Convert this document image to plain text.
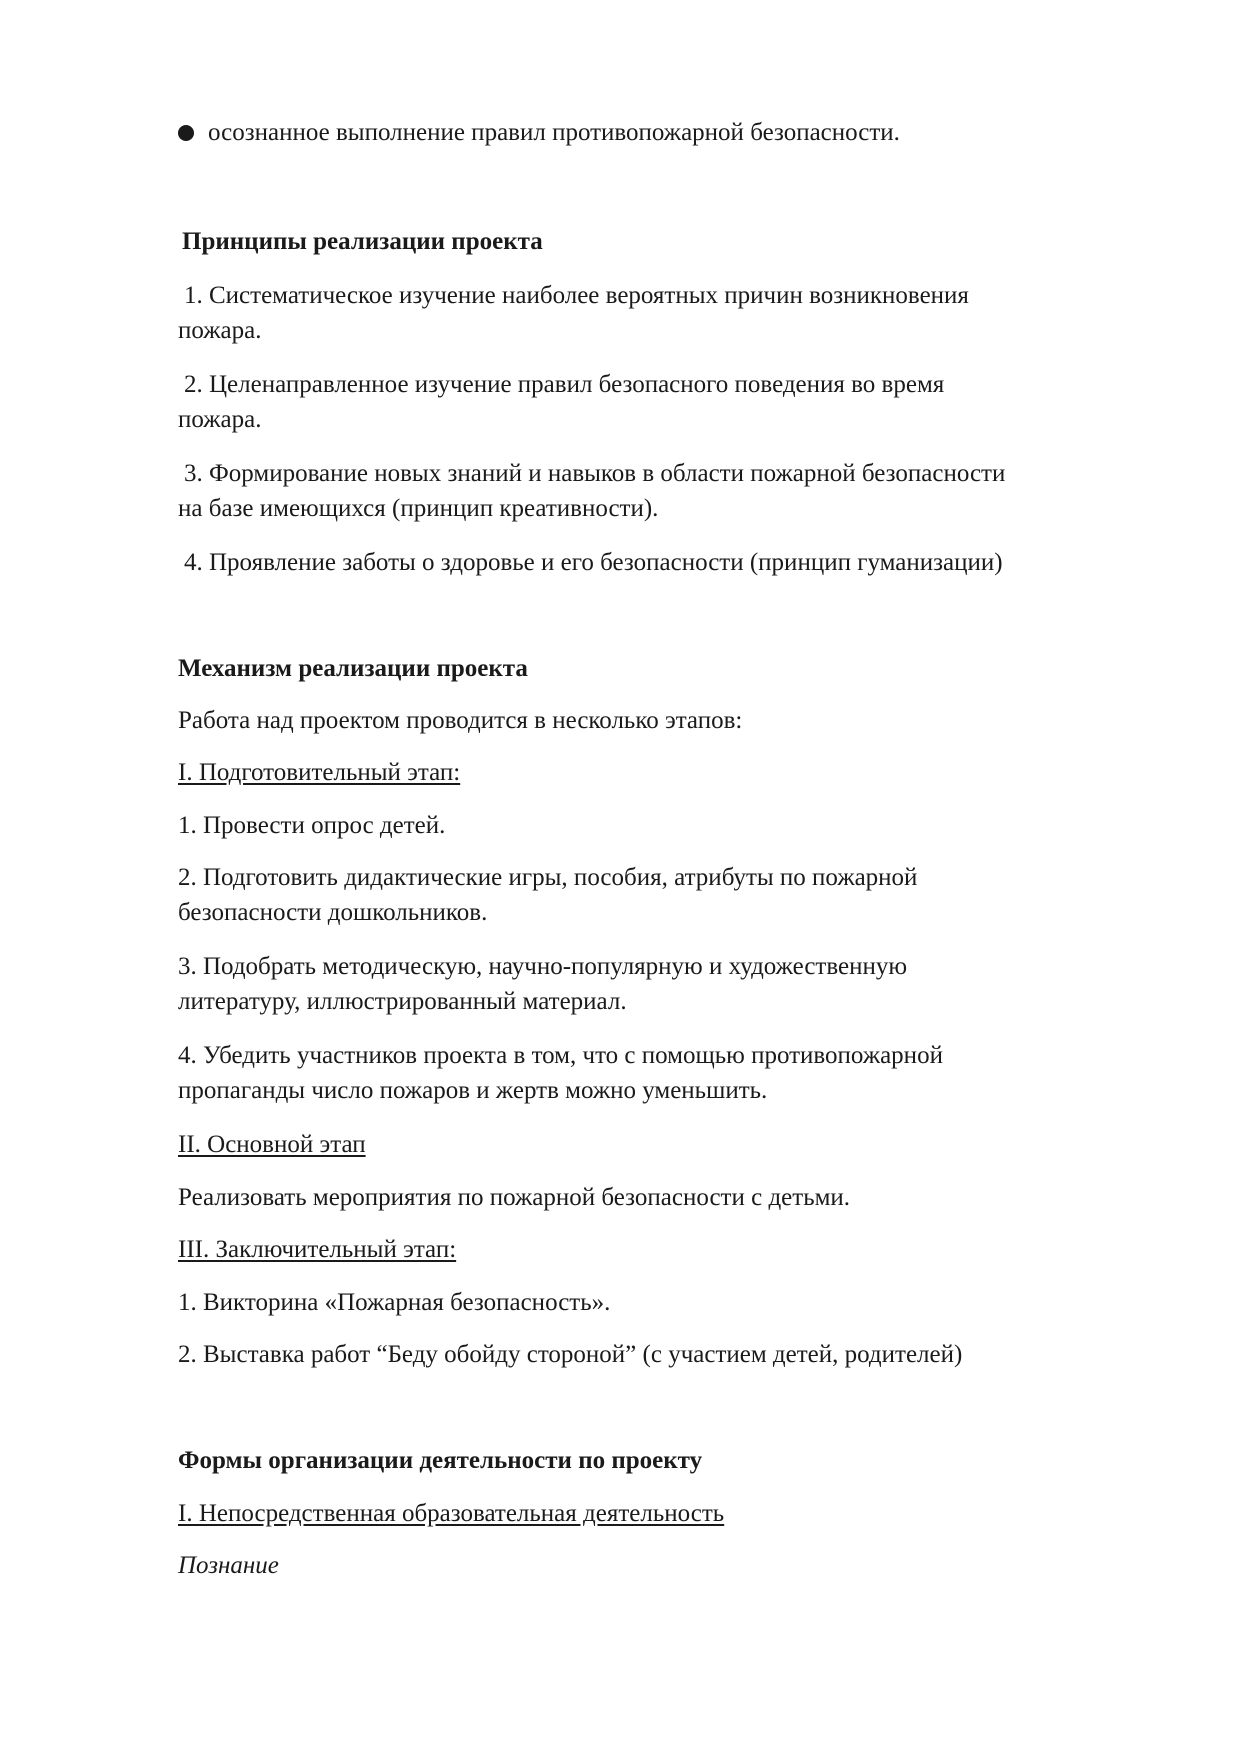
осознанное выполнение правил противопожарной безопасности.

Принципы реализации проекта

1. Систематическое изучение наиболее вероятных причин возникновения

пожара.

2. Целенаправленное изучение правил безопасного поведения во время

пожара.

3. Формирование новых знаний и навыков в области пожарной безопасности

на базе имеющихся (принцип креативности).

4. Проявление заботы о здоровье и его безопасности (принцип гуманизации)

Механизм реализации проекта

Работа над проектом проводится в несколько этапов:

I. Подготовительный этап:

1. Провести опрос детей.

2. Подготовить дидактические игры, пособия, атрибуты по пожарной

безопасности дошкольников.

3. Подобрать методическую, научно-популярную и художественную

литературу, иллюстрированный материал.

4. Убедить участников проекта в том, что с помощью противопожарной

пропаганды число пожаров и жертв можно уменьшить.

II. Основной этап

Реализовать мероприятия по пожарной безопасности с детьми.

III. Заключительный этап:

1. Викторина «Пожарная безопасность».

2. Выставка работ “Беду обойду стороной” (с участием детей, родителей)

Формы организации деятельности по проекту

I. Непосредственная образовательная деятельность

Познание
